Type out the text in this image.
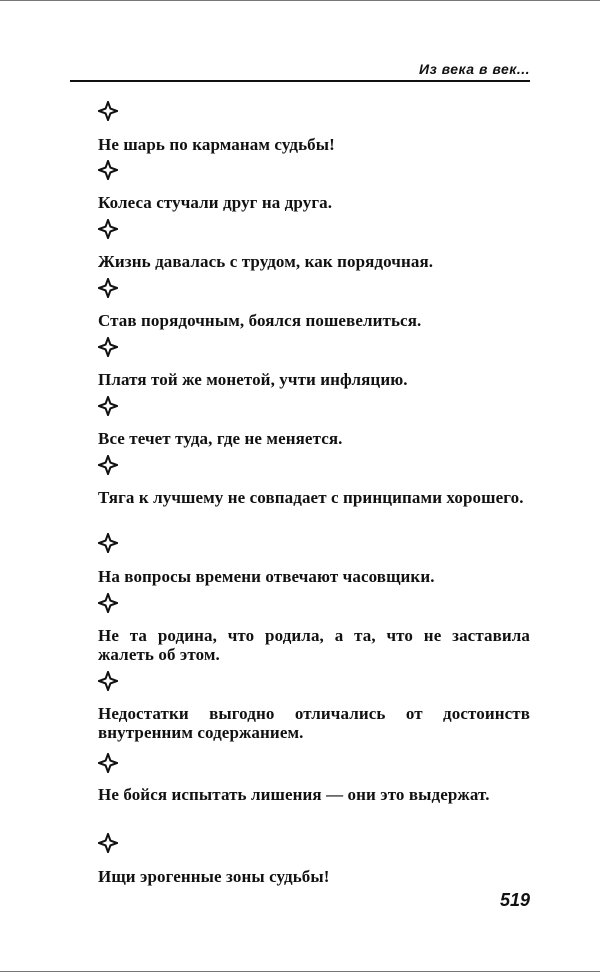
Из века в век...
Не шарь по карманам судьбы!
Колеса стучали друг на друга.
Жизнь давалась с трудом, как порядочная.
Став порядочным, боялся пошевелиться.
Платя той же монетой, учти инфляцию.
Все течет туда, где не меняется.
Тяга к лучшему не совпадает с принципами хорошего.
На вопросы времени отвечают часовщики.
Не та родина, что родила, а та, что не заставила жалеть об этом.
Недостатки выгодно отличались от достоинств внутренним содержанием.
Не бойся испытать лишения — они это выдержат.
Ищи эрогенные зоны судьбы!
519
